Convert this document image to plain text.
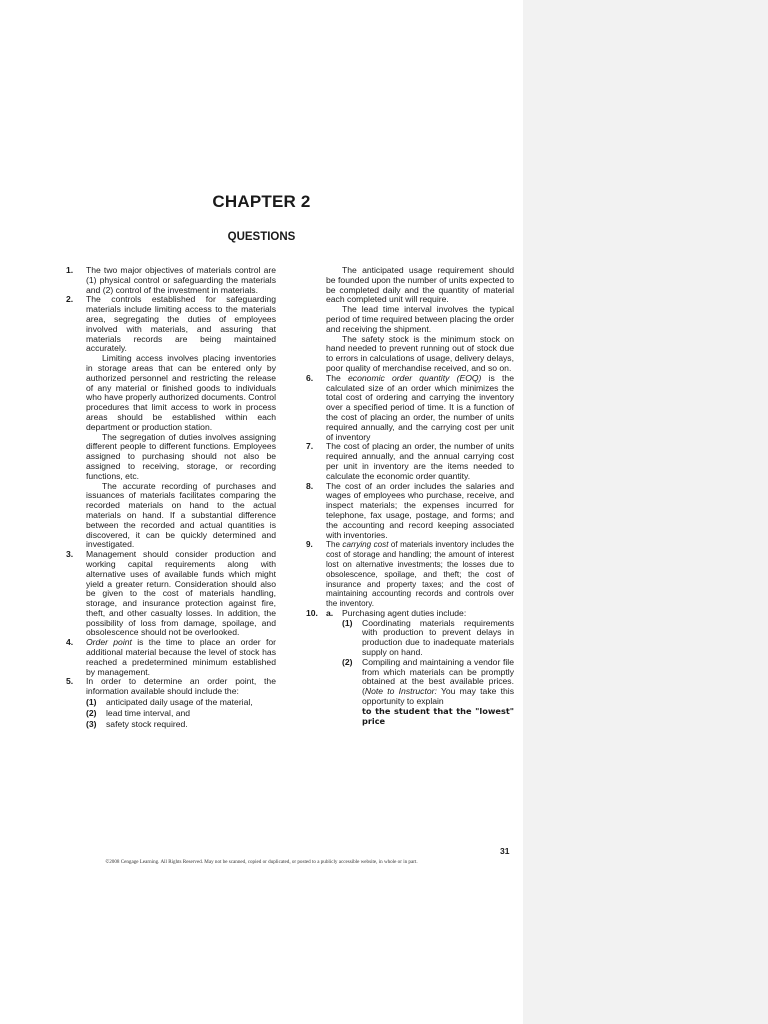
CHAPTER 2
QUESTIONS
1. The two major objectives of materials control are (1) physical control or safeguarding the materials and (2) control of the investment in materials.

2. The controls established for safeguarding materials include limiting access to the materials area, segregating the duties of employees involved with materials, and assuring that materials records are being maintained accurately.

Limiting access involves placing inventories in storage areas that can be entered only by authorized personnel and restricting the release of any material or finished goods to individuals who have properly authorized documents. Control procedures that limit access to work in process areas should be established within each department or production station.

The segregation of duties involves assigning different people to different functions. Employees assigned to purchasing should not also be assigned to receiving, storage, or recording functions, etc.

The accurate recording of purchases and issuances of materials facilitates comparing the recorded materials on hand to the actual materials on hand. If a substantial difference between the recorded and actual quantities is discovered, it can be quickly determined and investigated.

3. Management should consider production and working capital requirements along with alternative uses of available funds which might yield a greater return. Consideration should also be given to the cost of materials handling, storage, and insurance protection against fire, theft, and other casualty losses. In addition, the possibility of loss from damage, spoilage, and obsolescence should not be overlooked.

4. Order point is the time to place an order for additional material because the level of stock has reached a predetermined minimum established by management.

5. In order to determine an order point, the information available should include the:

(1) anticipated daily usage of the material,
(2) lead time interval, and
(3) safety stock required.

The anticipated usage requirement should be founded upon the number of units expected to be completed daily and the quantity of material each completed unit will require.

The lead time interval involves the typical period of time required between placing the order and receiving the shipment.

The safety stock is the minimum stock on hand needed to prevent running out of stock due to errors in calculations of usage, delivery delays, poor quality of merchandise received, and so on.

6. The economic order quantity (EOQ) is the calculated size of an order which minimizes the total cost of ordering and carrying the inventory over a specified period of time. It is a function of the cost of placing an order, the number of units required annually, and the carrying cost per unit of inventory

7. The cost of placing an order, the number of units required annually, and the annual carrying cost per unit in inventory are the items needed to calculate the economic order quantity.

8. The cost of an order includes the salaries and wages of employees who purchase, receive, and inspect materials; the expenses incurred for telephone, fax usage, postage, and forms; and the accounting and record keeping associated with inventories.

9. The carrying cost of materials inventory includes the cost of storage and handling; the amount of interest lost on alternative investments; the losses due to obsolescence, spoilage, and theft; the cost of insurance and property taxes; and the cost of maintaining accounting records and controls over the inventory.

10. a. Purchasing agent duties include:

(1) Coordinating materials requirements with production to prevent delays in production due to inadequate materials supply on hand.
(2) Compiling and maintaining a vendor file from which materials can be promptly obtained at the best available prices. (Note to Instructor: You may take this opportunity to explain
to the student that the "lowest" price
31
©2008 Cengage Learning. All Rights Reserved. May not be scanned, copied or duplicated, or posted to a publicly accessible website, in whole or in part.
